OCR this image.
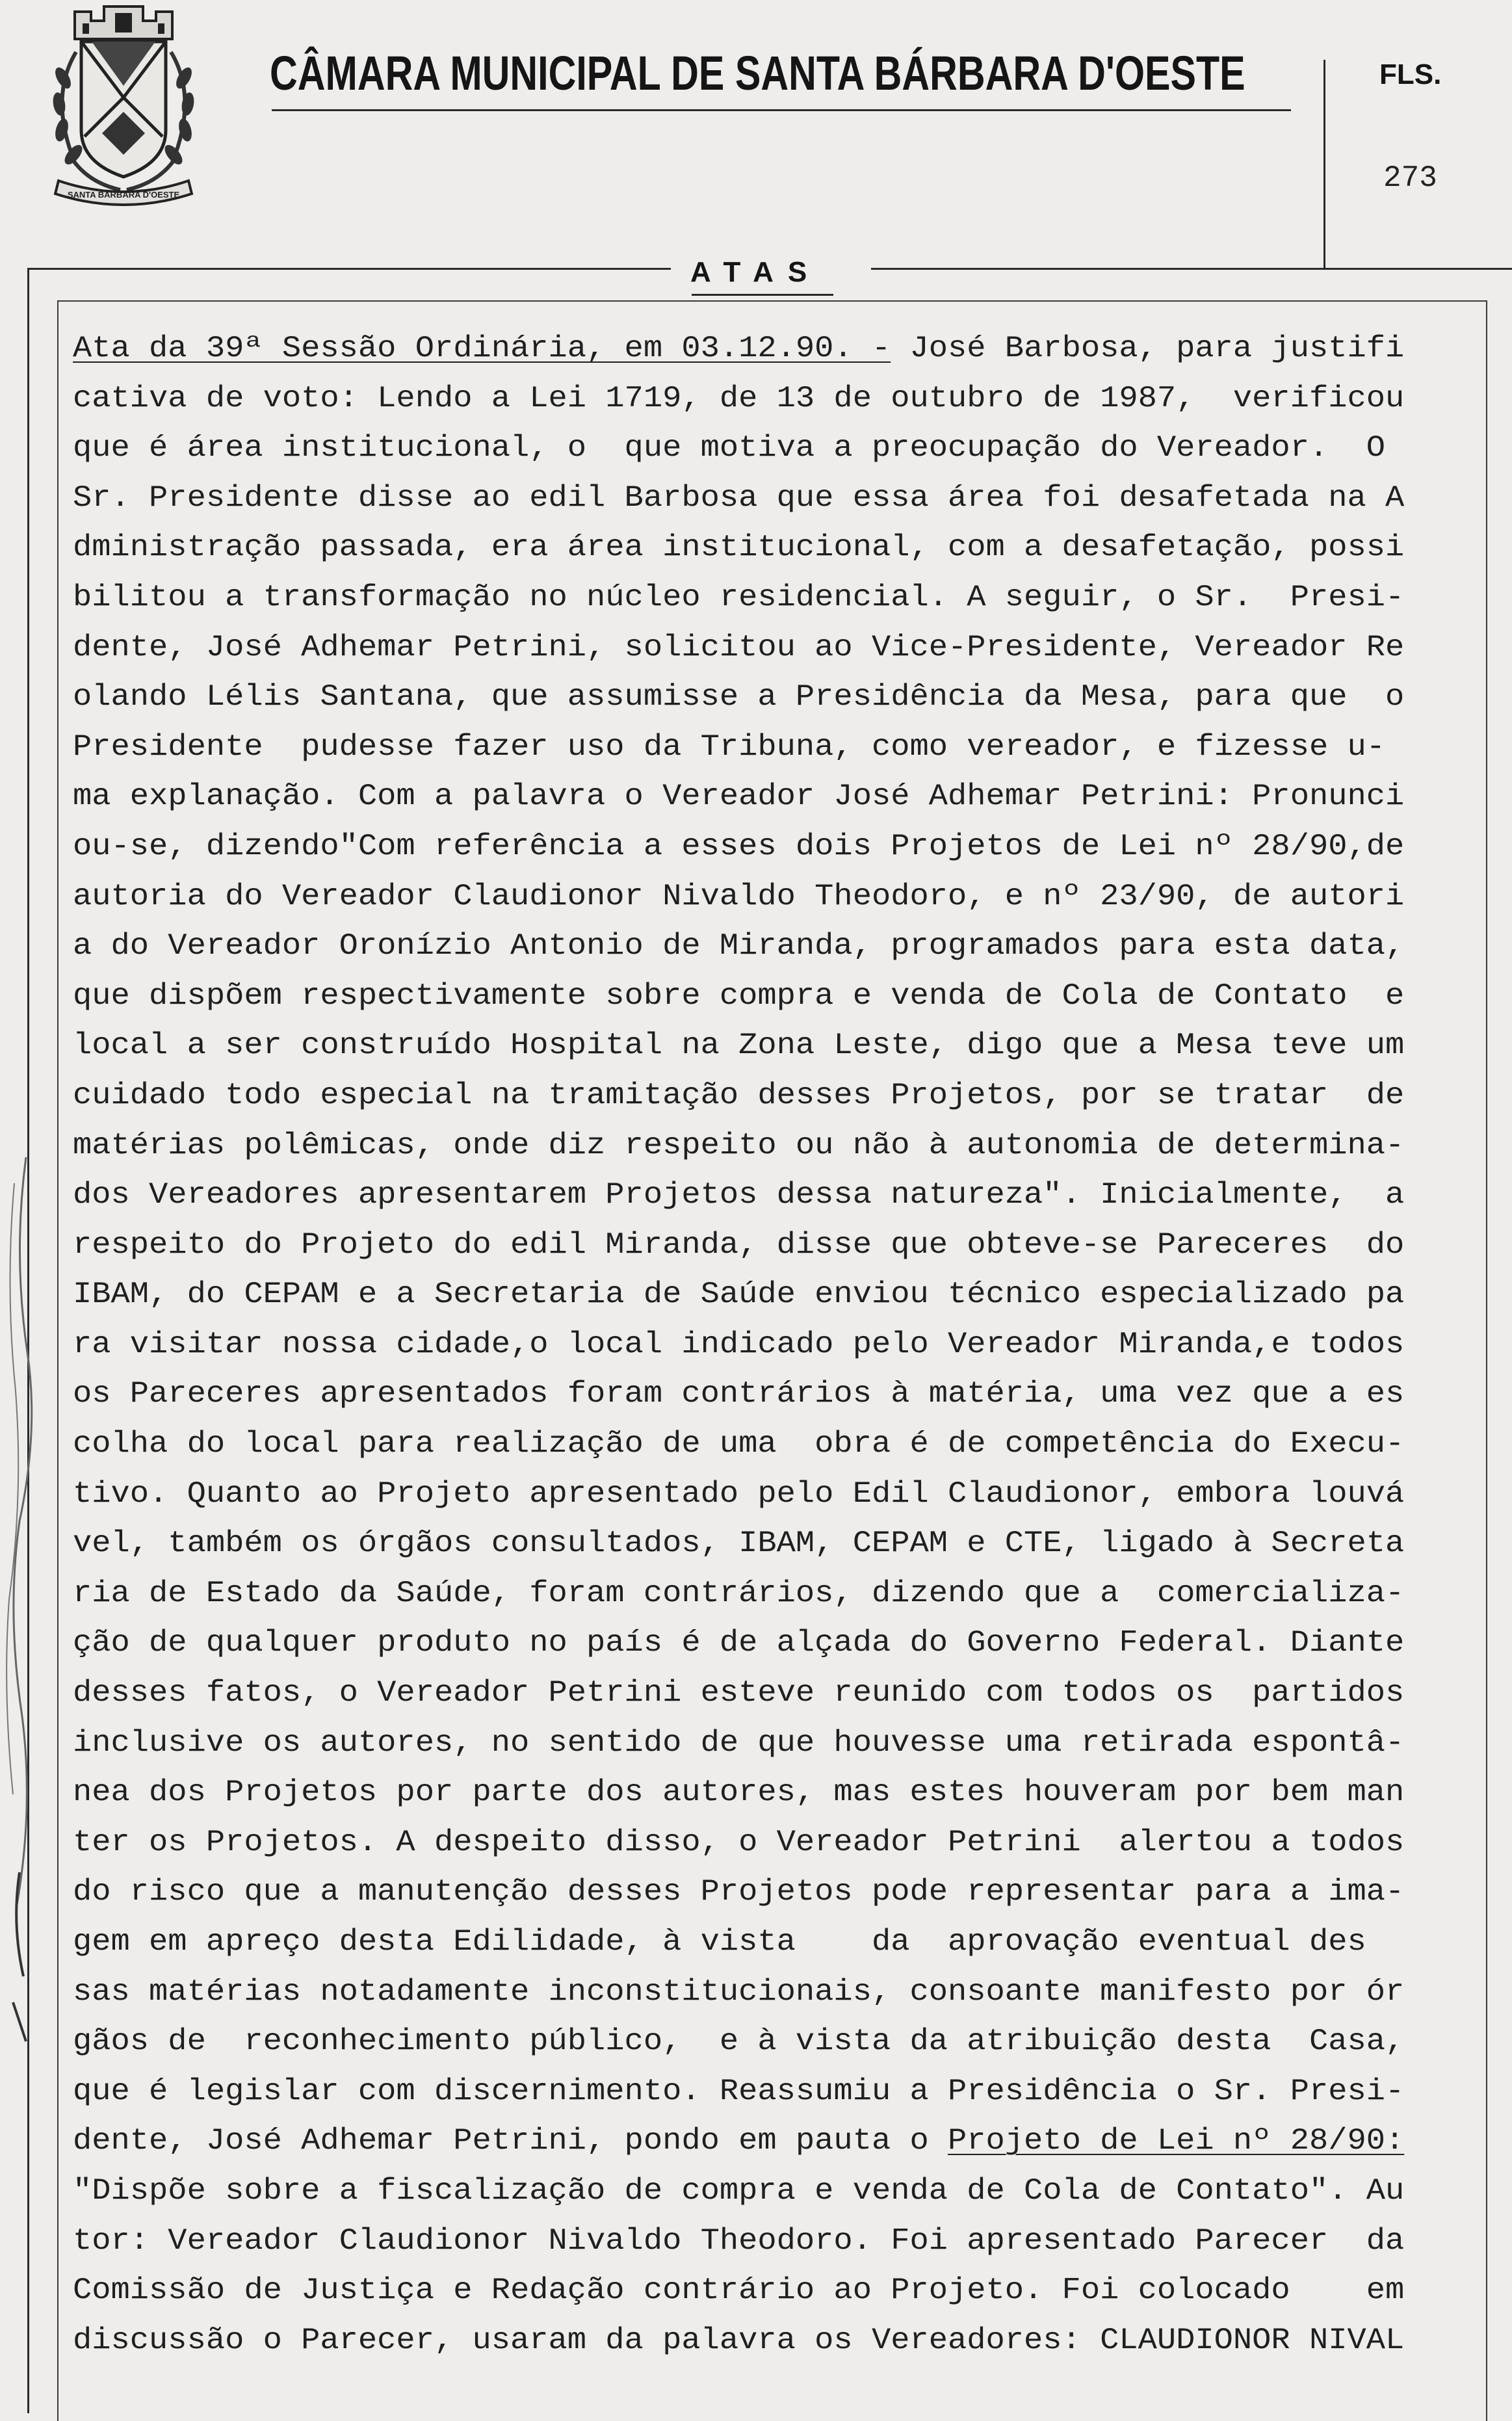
SANTA BÁRBARA D'OESTE
CÂMARA MUNICIPAL DE SANTA BÁRBARA D'OESTE	FLS.
273
ATAS
Ata da 39ª Sessão Ordinária, em 03.12.90. - José Barbosa, para justifi
cativa de voto: Lendo a Lei 1719, de 13 de outubro de 1987,  verificou
que é área institucional, o  que motiva a preocupação do Vereador.  O
Sr. Presidente disse ao edil Barbosa que essa área foi desafetada na A
dministração passada, era área institucional, com a desafetação, possi
bilitou a transformação no núcleo residencial. A seguir, o Sr.  Presi-
dente, José Adhemar Petrini, solicitou ao Vice-Presidente, Vereador Re
olando Lélis Santana, que assumisse a Presidência da Mesa, para que  o
Presidente  pudesse fazer uso da Tribuna, como vereador, e fizesse u-
ma explanação. Com a palavra o Vereador José Adhemar Petrini: Pronunci
ou-se, dizendo"Com referência a esses dois Projetos de Lei nº 28/90,de
autoria do Vereador Claudionor Nivaldo Theodoro, e nº 23/90, de autori
a do Vereador Oronízio Antonio de Miranda, programados para esta data,
que dispõem respectivamente sobre compra e venda de Cola de Contato  e
local a ser construído Hospital na Zona Leste, digo que a Mesa teve um
cuidado todo especial na tramitação desses Projetos, por se tratar  de
matérias polêmicas, onde diz respeito ou não à autonomia de determina-
dos Vereadores apresentarem Projetos dessa natureza". Inicialmente,  a
respeito do Projeto do edil Miranda, disse que obteve-se Pareceres  do
IBAM, do CEPAM e a Secretaria de Saúde enviou técnico especializado pa
ra visitar nossa cidade,o local indicado pelo Vereador Miranda,e todos
os Pareceres apresentados foram contrários à matéria, uma vez que a es
colha do local para realização de uma  obra é de competência do Execu-
tivo. Quanto ao Projeto apresentado pelo Edil Claudionor, embora louvá
vel, também os órgãos consultados, IBAM, CEPAM e CTE, ligado à Secreta
ria de Estado da Saúde, foram contrários, dizendo que a  comercializa-
ção de qualquer produto no país é de alçada do Governo Federal. Diante
desses fatos, o Vereador Petrini esteve reunido com todos os  partidos
inclusive os autores, no sentido de que houvesse uma retirada espontâ-
nea dos Projetos por parte dos autores, mas estes houveram por bem man
ter os Projetos. A despeito disso, o Vereador Petrini  alertou a todos
do risco que a manutenção desses Projetos pode representar para a ima-
gem em apreço desta Edilidade, à vista    da  aprovação eventual des
sas matérias notadamente inconstitucionais, consoante manifesto por ór
gãos de  reconhecimento público,  e à vista da atribuição desta  Casa,
que é legislar com discernimento. Reassumiu a Presidência o Sr. Presi-
dente, José Adhemar Petrini, pondo em pauta o Projeto de Lei nº 28/90:
"Dispõe sobre a fiscalização de compra e venda de Cola de Contato". Au
tor: Vereador Claudionor Nivaldo Theodoro. Foi apresentado Parecer  da
Comissão de Justiça e Redação contrário ao Projeto. Foi colocado    em
discussão o Parecer, usaram da palavra os Vereadores: CLAUDIONOR NIVAL
